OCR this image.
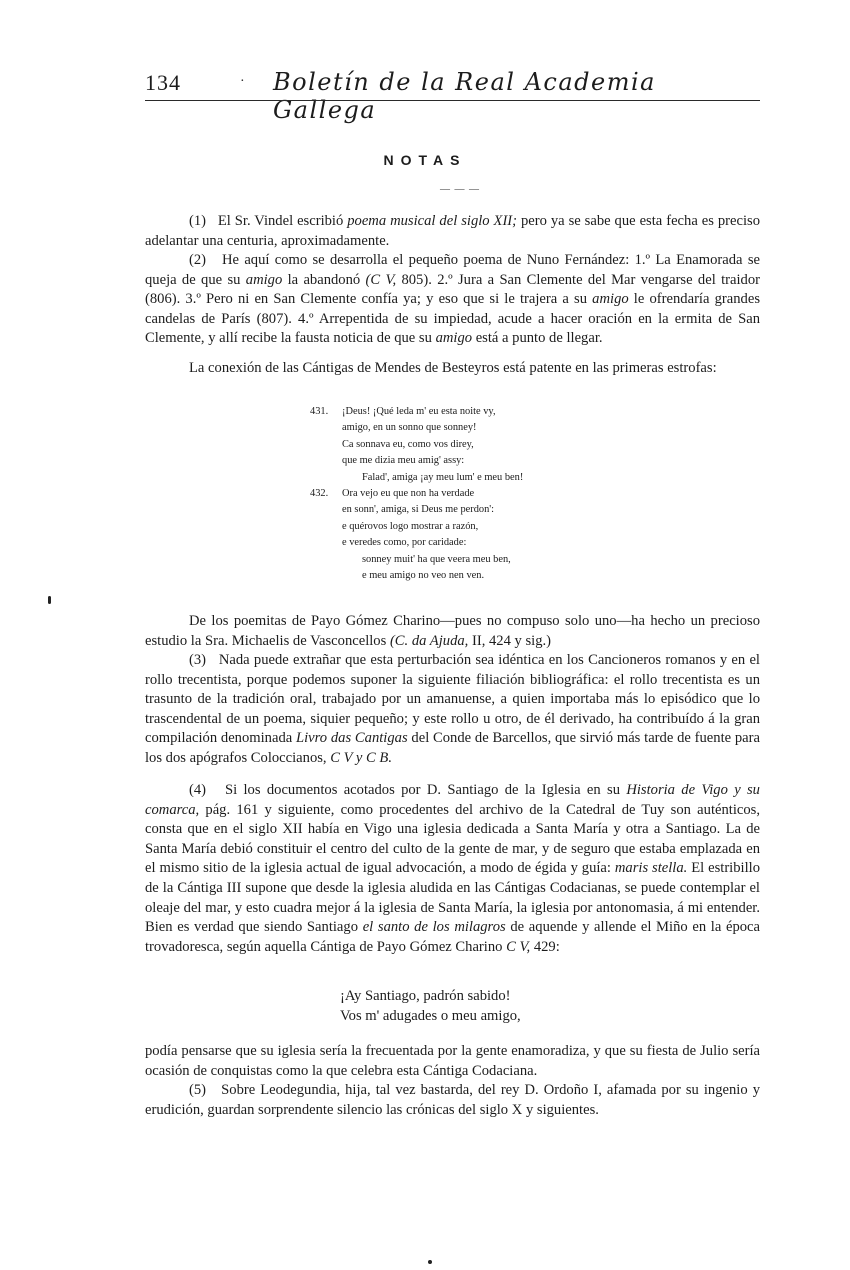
134	· Boletín de la Real Academia Gallega
NOTAS
— — —
(1) El Sr. Vindel escribió poema musical del siglo XII; pero ya se sabe que esta fecha es preciso adelantar una centuria, aproximadamente.
(2) He aquí como se desarrolla el pequeño poema de Nuno Fernández: 1.º La Enamorada se queja de que su amigo la abandonó (C V, 805). 2.º Jura a San Clemente del Mar vengarse del traidor (806). 3.º Pero ni en San Clemente confía ya; y eso que si le trajera a su amigo le ofrendaría grandes candelas de París (807). 4.º Arrepentida de su impiedad, acude a hacer oración en la ermita de San Clemente, y allí recibe la fausta noticia de que su amigo está a punto de llegar.
La conexión de las Cántigas de Mendes de Besteyros está patente en las primeras estrofas:
431.	¡Deus! ¡Qué leda m' eu esta noite vy,
amigo, en un sonno que sonney!
Ca sonnava eu, como vos direy,
que me dizia meu amig' assy:
Falad', amiga ¡ay meu lum' e meu ben!
432.	Ora vejo eu que non ha verdade
en sonn', amiga, si Deus me perdon':
e quérovos logo mostrar a razón,
e veredes como, por caridade:
sonney muit' ha que veera meu ben,
e meu amigo no veo nen ven.
De los poemitas de Payo Gómez Charino—pues no compuso solo uno—ha hecho un precioso estudio la Sra. Michaelis de Vasconcellos (C. da Ajuda, II, 424 y sig.)
(3) Nada puede extrañar que esta perturbación sea idéntica en los Cancioneros romanos y en el rollo trecentista, porque podemos suponer la siguiente filiación bibliográfica: el rollo trecentista es un trasunto de la tradición oral, trabajado por un amanuense, a quien importaba más lo episódico que lo trascendental de un poema, siquier pequeño; y este rollo u otro, de él derivado, ha contribuído á la gran compilación denominada Livro das Cantigas del Conde de Barcellos, que sirvió más tarde de fuente para los dos apógrafos Coloccianos, C V y C B.
(4) Si los documentos acotados por D. Santiago de la Iglesia en su Historia de Vigo y su comarca, pág. 161 y siguiente, como procedentes del archivo de la Catedral de Tuy son auténticos, consta que en el siglo XII había en Vigo una iglesia dedicada a Santa María y otra a Santiago. La de Santa María debió constituir el centro del culto de la gente de mar, y de seguro que estaba emplazada en el mismo sitio de la iglesia actual de igual advocación, a modo de égida y guía: maris stella. El estribillo de la Cántiga III supone que desde la iglesia aludida en las Cántigas Codacianas, se puede contemplar el oleaje del mar, y esto cuadra mejor á la iglesia de Santa María, la iglesia por antonomasia, á mi entender. Bien es verdad que siendo Santiago el santo de los milagros de aquende y allende el Miño en la época trovadoresca, según aquella Cántiga de Payo Gómez Charino C V, 429:
¡Ay Santiago, padrón sabido!
Vos m' adugades o meu amigo,
podía pensarse que su iglesia sería la frecuentada por la gente enamoradiza, y que su fiesta de Julio sería ocasión de conquistas como la que celebra esta Cántiga Codaciana.
(5) Sobre Leodegundia, hija, tal vez bastarda, del rey D. Ordoño I, afamada por su ingenio y erudición, guardan sorprendente silencio las crónicas del siglo X y siguientes.
